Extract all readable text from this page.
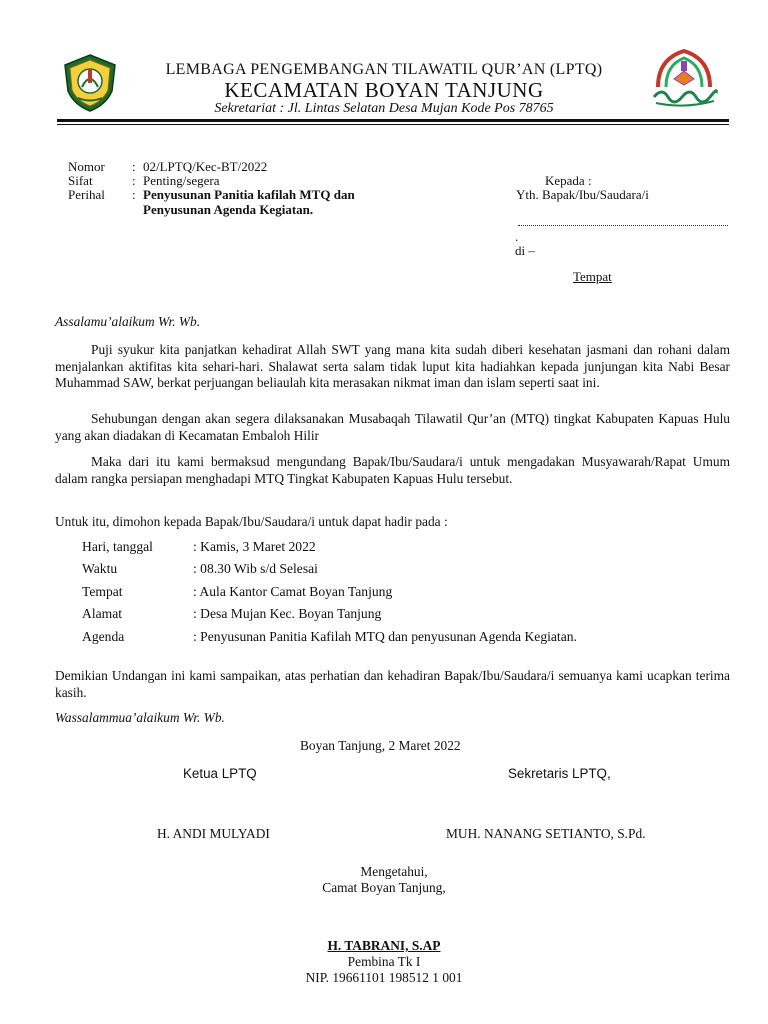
LEMBAGA PENGEMBANGAN TILAWATIL QUR’AN (LPTQ)
KECAMATAN BOYAN TANJUNG
Sekretariat : Jl. Lintas Selatan Desa Mujan Kode Pos 78765
Nomor : 02/LPTQ/Kec-BT/2022
Sifat	: Penting/segera
Perihal : Penyusunan Panitia kafilah MTQ dan
Penyusunan Agenda Kegiatan.
Kepada :
Yth. Bapak/Ibu/Saudara/i
.
di –
Tempat
Assalamu’alaikum Wr. Wb.
Puji syukur kita panjatkan kehadirat Allah SWT yang mana kita sudah diberi kesehatan jasmani dan rohani dalam menjalankan aktifitas kita sehari-hari. Shalawat serta salam tidak luput kita hadiahkan kepada junjungan kita Nabi Besar Muhammad SAW, berkat perjuangan beliaulah kita merasakan nikmat iman dan islam seperti saat ini.
Sehubungan dengan akan segera dilaksanakan Musabaqah Tilawatil Qur’an (MTQ) tingkat Kabupaten Kapuas Hulu yang akan diadakan di Kecamatan Embaloh Hilir
Maka dari itu kami bermaksud mengundang Bapak/Ibu/Saudara/i untuk mengadakan Musyawarah/Rapat Umum dalam rangka persiapan menghadapi MTQ Tingkat Kabupaten Kapuas Hulu tersebut.
Untuk itu, dimohon kepada Bapak/Ibu/Saudara/i untuk dapat hadir pada :
Hari, tanggal	: Kamis, 3 Maret 2022
Waktu	: 08.30 Wib s/d Selesai
Tempat	: Aula Kantor Camat Boyan Tanjung
Alamat	: Desa Mujan Kec. Boyan Tanjung
Agenda	: Penyusunan Panitia Kafilah MTQ dan penyusunan Agenda Kegiatan.
Demikian Undangan ini kami sampaikan, atas perhatian dan kehadiran Bapak/Ibu/Saudara/i semuanya kami ucapkan terima kasih.
Wassalammua’alaikum Wr. Wb.
Boyan Tanjung, 2 Maret 2022
Ketua LPTQ	Sekretaris LPTQ,
H. ANDI MULYADI	MUH. NANANG SETIANTO, S.Pd.
Mengetahui,
Camat Boyan Tanjung,
H. TABRANI, S.AP
Pembina Tk I
NIP. 19661101 198512 1 001
